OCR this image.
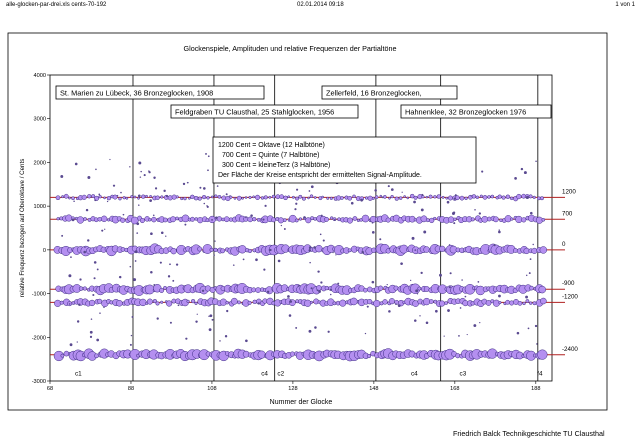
alle-glocken-par-drei.xls cents-70-192	02.01.2014 09:18	1 von 1
Glockenspiele, Amplituden und relative Frequenzen der Partialtöne
-3000
-2000
-1000
0
1000
2000
3000
4000
68	88	108	128	148	168	188
1200
700
0
-900
-1200
-2400
c1	c4 c2	c4	c3	f4
relative Frequenz bezogen auf Oberoktave / Cents
Nummer der Glocke
St. Marien zu Lübeck, 36 Bronzeglocken, 1908
Feldgraben TU Clausthal, 25 Stahlglocken, 1956
Zellerfeld, 16 Bronzeglocken,
Hahnenklee, 32 Bronzeglocken 1976
1200 Cent = Oktave (12 Halbtöne)
700 Cent = Quinte (7 Halbtöne)
300 Cent = kleineTerz (3 Halbtöne)
Der Fläche der Kreise entspricht der ermittelten Signal-Amplitude.
Friedrich Balck Technikgeschichte TU Clausthal
